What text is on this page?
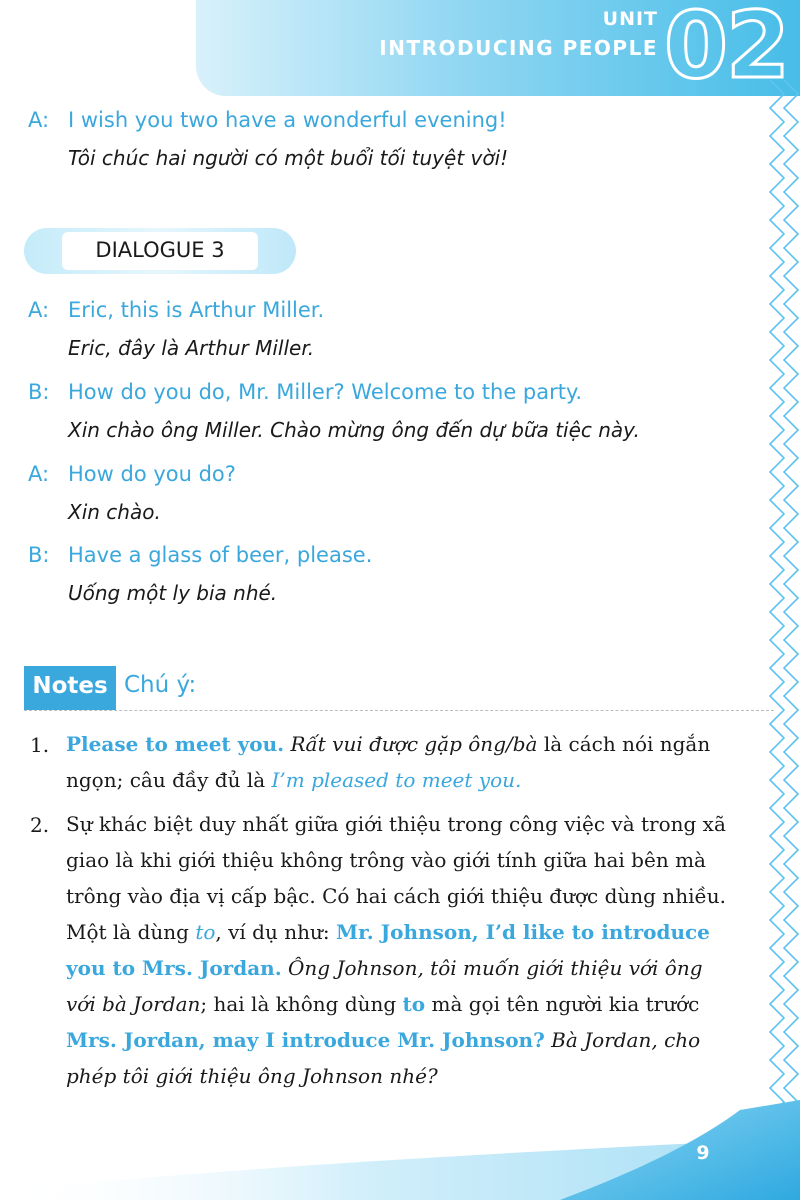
UNIT
INTRODUCING PEOPLE 02
A: I wish you two have a wonderful evening!
Tôi chúc hai người có một buổi tối tuyệt vời!
DIALOGUE 3
A: Eric, this is Arthur Miller.
Eric, đây là Arthur Miller.
B: How do you do, Mr. Miller? Welcome to the party.
Xin chào ông Miller. Chào mừng ông đến dự bữa tiệc này.
A: How do you do?
Xin chào.
B: Have a glass of beer, please.
Uống một ly bia nhé.
Notes Chú ý:
1. Please to meet you. Rất vui được gặp ông/bà là cách nói ngắn ngọn; câu đầy đủ là I’m pleased to meet you.
2. Sự khác biệt duy nhất giữa giới thiệu trong công việc và trong xã giao là khi giới thiệu không trông vào giới tính giữa hai bên mà trông vào địa vị cấp bậc. Có hai cách giới thiệu được dùng nhiều. Một là dùng to, ví dụ như: Mr. Johnson, I’d like to introduce you to Mrs. Jordan. Ông Johnson, tôi muốn giới thiệu với ông với bà Jordan; hai là không dùng to mà gọi tên người kia trước Mrs. Jordan, may I introduce Mr. Johnson? Bà Jordan, cho phép tôi giới thiệu ông Johnson nhé?
9
